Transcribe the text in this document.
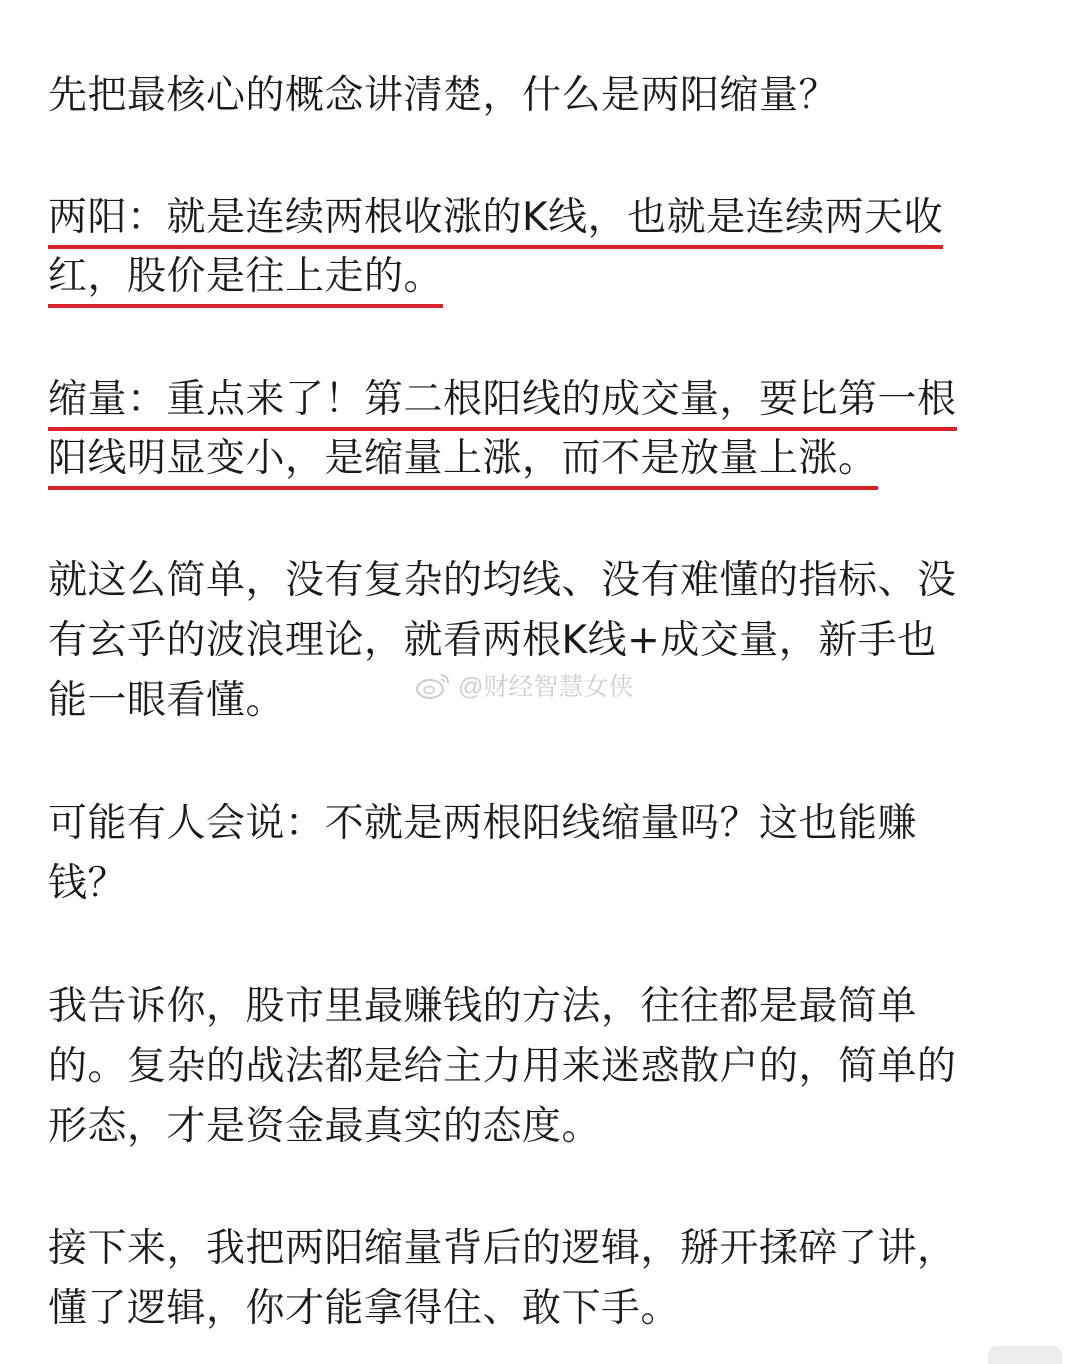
先把最核心的概念讲清楚，什么是两阳缩量？
两阳：就是连续两根收涨的K线，也就是连续两天收
红，股价是往上走的。
缩量：重点来了！第二根阳线的成交量，要比第一根
阳线明显变小，是缩量上涨，而不是放量上涨。
就这么简单，没有复杂的均线、没有难懂的指标、没
有玄乎的波浪理论，就看两根K线+成交量，新手也
能一眼看懂。
可能有人会说：不就是两根阳线缩量吗？这也能赚
钱？
我告诉你，股市里最赚钱的方法，往往都是最简单
的。复杂的战法都是给主力用来迷惑散户的，简单的
形态，才是资金最真实的态度。
接下来，我把两阳缩量背后的逻辑，掰开揉碎了讲，
懂了逻辑，你才能拿得住、敢下手。
@财经智慧女侠
